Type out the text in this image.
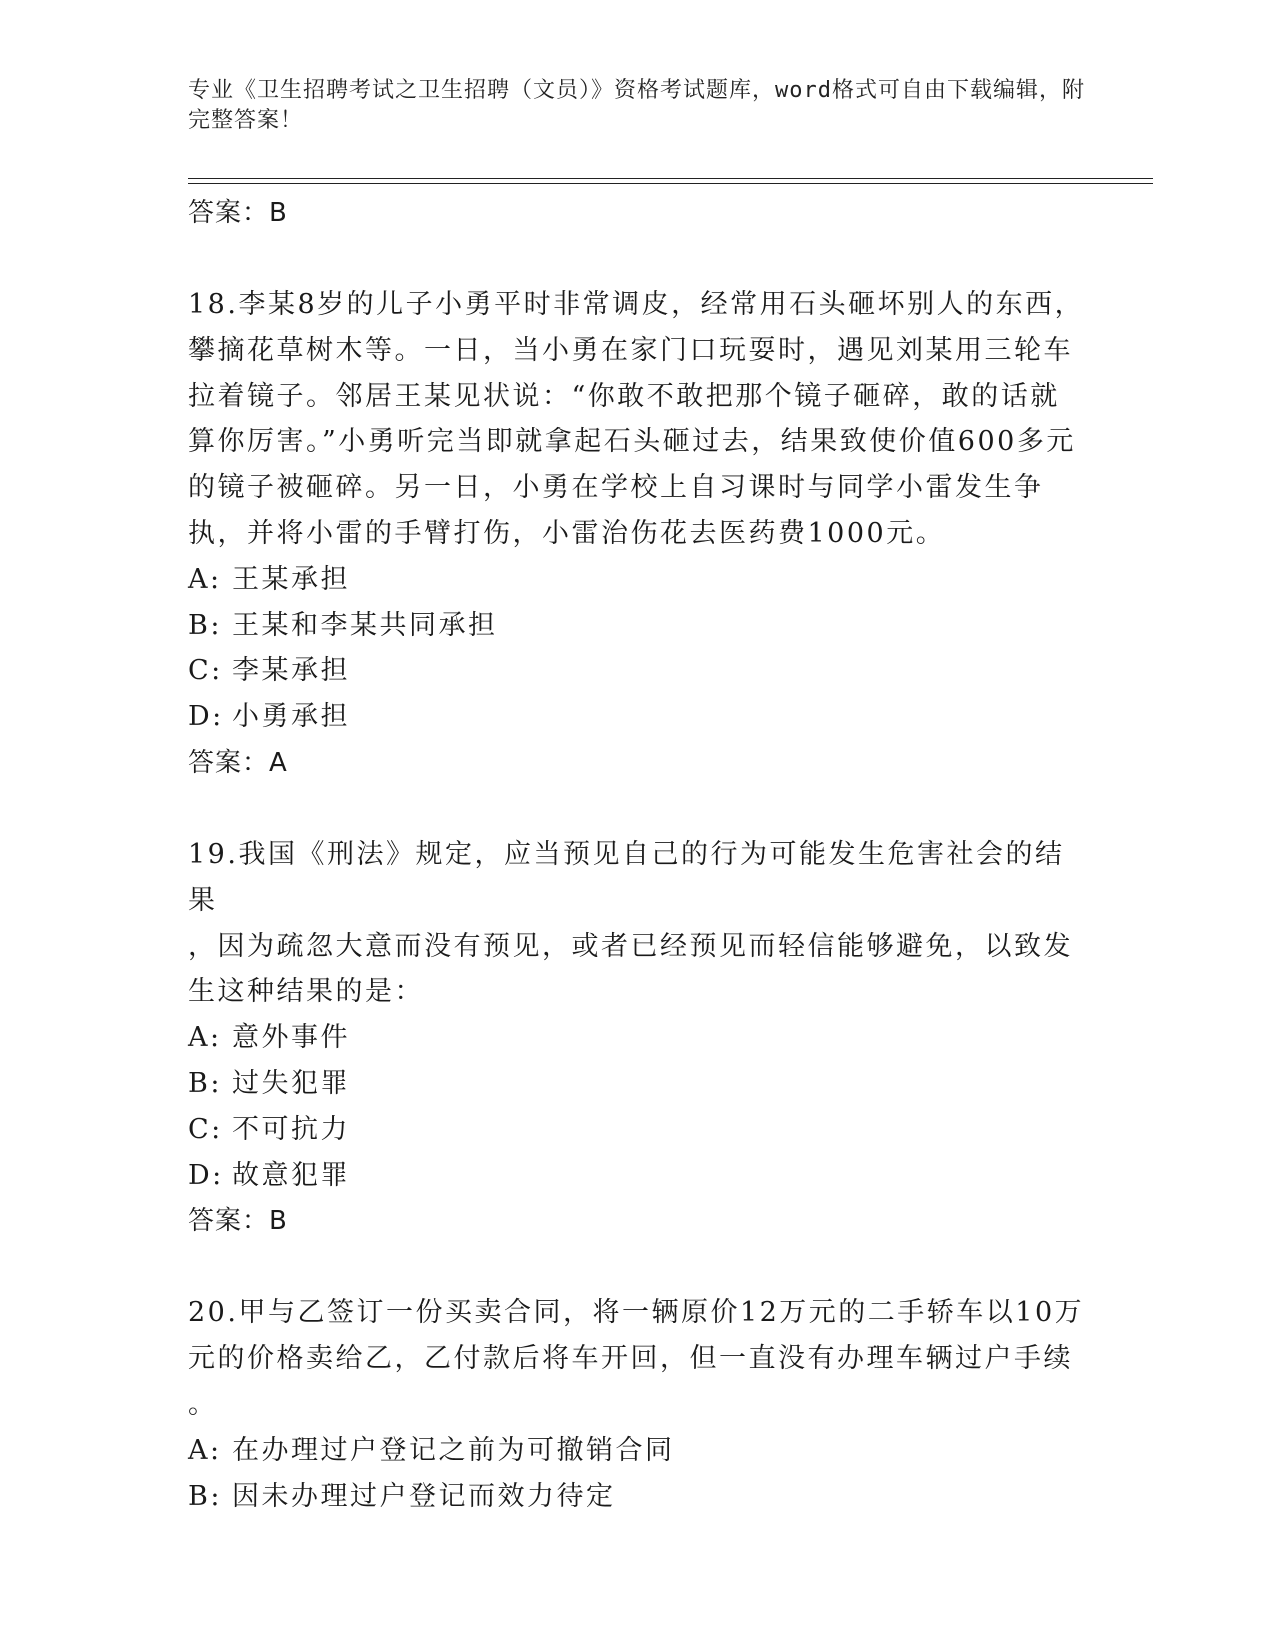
专业《卫生招聘考试之卫生招聘（文员）》资格考试题库，word格式可自由下载编辑，附完整答案！
答案：B
18.李某8岁的儿子小勇平时非常调皮，经常用石头砸坏别人的东西，攀摘花草树木等。一日，当小勇在家门口玩耍时，遇见刘某用三轮车拉着镜子。邻居王某见状说：“你敢不敢把那个镜子砸碎，敢的话就算你厉害。”小勇听完当即就拿起石头砸过去，结果致使价值600多元的镜子被砸碎。另一日，小勇在学校上自习课时与同学小雷发生争执，并将小雷的手臂打伤，小雷治伤花去医药费1000元。
A: 王某承担
B: 王某和李某共同承担
C: 李某承担
D: 小勇承担
答案：A
19.我国《刑法》规定，应当预见自己的行为可能发生危害社会的结果
，因为疏忽大意而没有预见，或者已经预见而轻信能够避免，以致发生这种结果的是：
A: 意外事件
B: 过失犯罪
C: 不可抗力
D: 故意犯罪
答案：B
20.甲与乙签订一份买卖合同，将一辆原价12万元的二手轿车以10万元的价格卖给乙，乙付款后将车开回，但一直没有办理车辆过户手续
。
A: 在办理过户登记之前为可撤销合同
B: 因未办理过户登记而效力待定
